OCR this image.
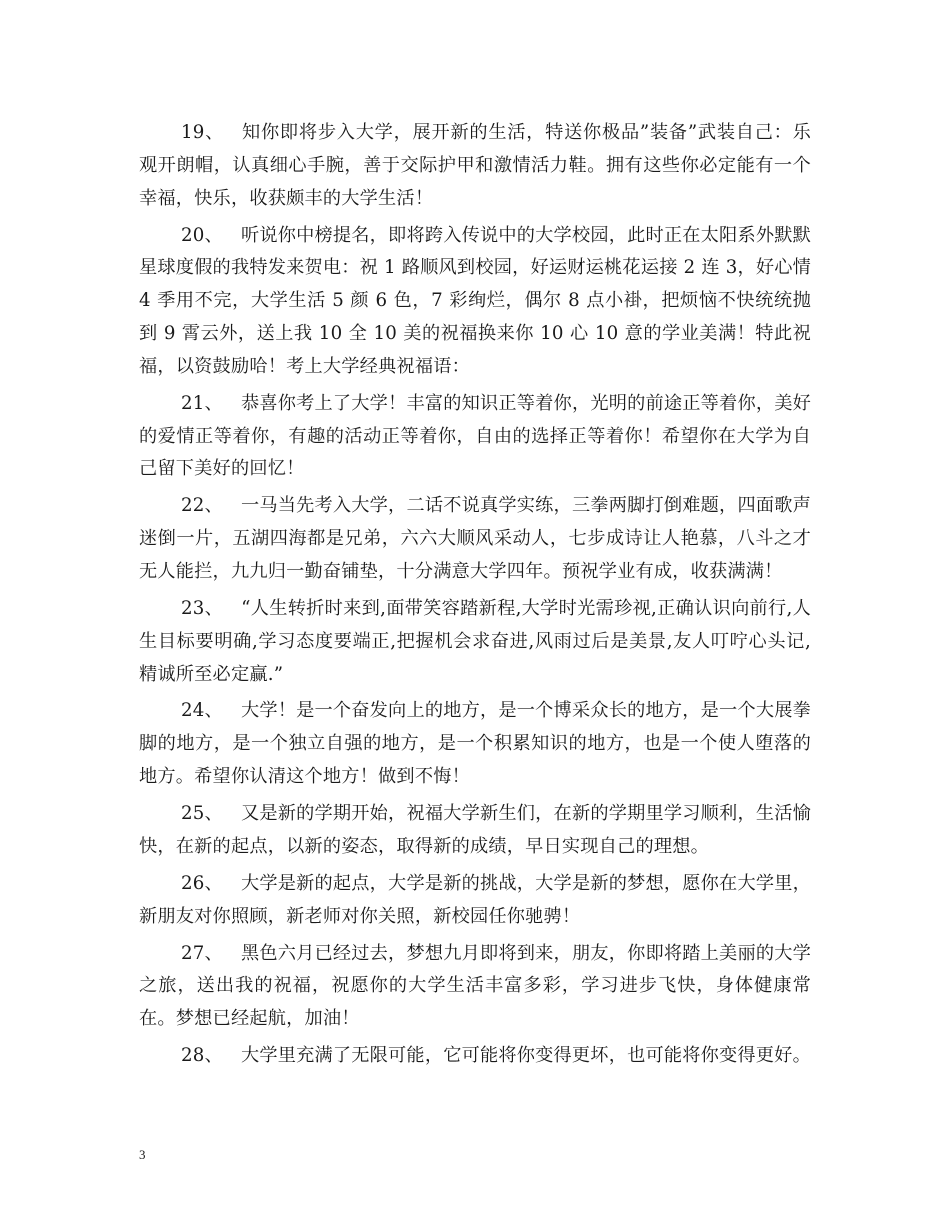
19、 知你即将步入大学，展开新的生活，特送你极品”装备”武装自己：乐观开朗帽，认真细心手腕，善于交际护甲和激情活力鞋。拥有这些你必定能有一个幸福，快乐，收获颇丰的大学生活！

20、 听说你中榜提名，即将跨入传说中的大学校园，此时正在太阳系外默默星球度假的我特发来贺电：祝 1 路顺风到校园，好运财运桃花运接 2 连 3，好心情 4 季用不完，大学生活 5 颜 6 色，7 彩绚烂，偶尔 8 点小褂，把烦恼不快统统抛到 9 霄云外，送上我 10 全 10 美的祝福换来你 10 心 10 意的学业美满！特此祝福，以资鼓励哈！考上大学经典祝福语：

21、 恭喜你考上了大学！丰富的知识正等着你，光明的前途正等着你，美好的爱情正等着你，有趣的活动正等着你，自由的选择正等着你！希望你在大学为自己留下美好的回忆！

22、 一马当先考入大学，二话不说真学实练，三拳两脚打倒难题，四面歌声迷倒一片，五湖四海都是兄弟，六六大顺风采动人，七步成诗让人艳慕，八斗之才无人能拦，九九归一勤奋铺垫，十分满意大学四年。预祝学业有成，收获满满！

23、 “人生转折时来到,面带笑容踏新程,大学时光需珍视,正确认识向前行,人生目标要明确,学习态度要端正,把握机会求奋进,风雨过后是美景,友人叮咛心头记,精诚所至必定赢.”

24、 大学！是一个奋发向上的地方，是一个博采众长的地方，是一个大展拳脚的地方，是一个独立自强的地方，是一个积累知识的地方，也是一个使人堕落的地方。希望你认清这个地方！做到不悔！

25、 又是新的学期开始，祝福大学新生们，在新的学期里学习顺利，生活愉快，在新的起点，以新的姿态，取得新的成绩，早日实现自己的理想。

26、 大学是新的起点，大学是新的挑战，大学是新的梦想，愿你在大学里，新朋友对你照顾，新老师对你关照，新校园任你驰骋！

27、 黑色六月已经过去，梦想九月即将到来，朋友，你即将踏上美丽的大学之旅，送出我的祝福，祝愿你的大学生活丰富多彩，学习进步飞快，身体健康常在。梦想已经起航，加油！

28、 大学里充满了无限可能，它可能将你变得更坏，也可能将你变得更好。

3
